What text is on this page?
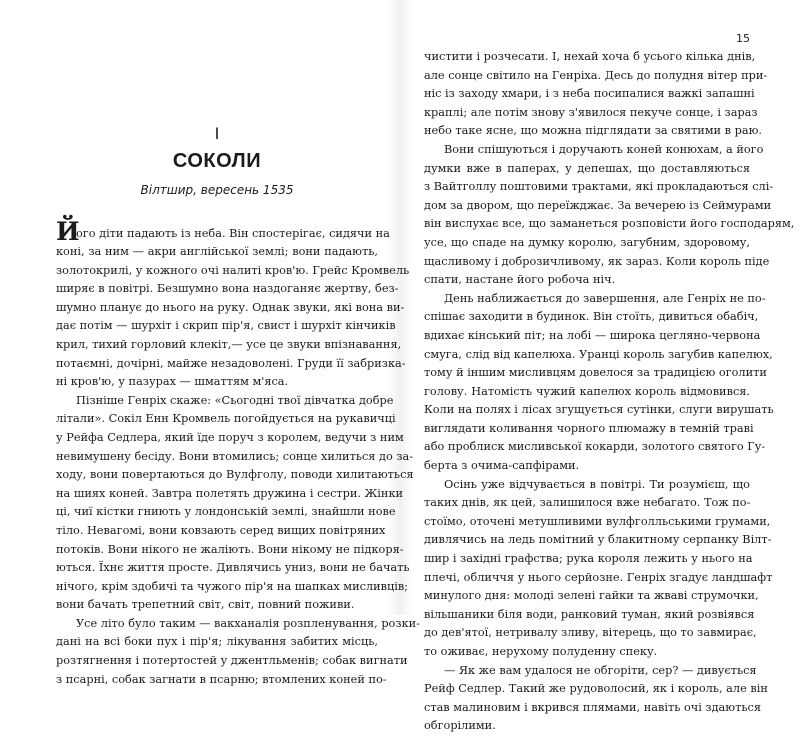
I
СОКОЛИ
Вілтшир, вересень 1535
Й
ого діти падають із неба. Він спостерігає, сидячи на
коні, за ним — акри англійської землі; вони падають,
золотокрилі, у кожного очі налиті кров'ю. Грейс Кромвель
ширяє в повітрі. Безшумно вона наздоганяє жертву, без-
шумно планує до нього на руку. Однак звуки, які вона ви-
дає потім — шурхіт і скрип пір'я, свист і шурхіт кінчиків
крил, тихий горловий клекіт,— усе це звуки впізнавання,
потаємні, дочірні, майже незадоволені. Груди її забризка-
ні кров'ю, у пазурах — шматтям м'яса.
Пізніше Генріх скаже: «Сьогодні твої дівчатка добре
літали». Сокіл Енн Кромвель погойдується на рукавичці
у Рейфа Седлера, який їде поруч з королем, ведучи з ним
невимушену бесіду. Вони втомились; сонце хилиться до за-
ходу, вони повертаються до Вулфголу, поводи хилитаються
на шиях коней. Завтра полетять дружина і сестри. Жінки
ці, чиї кістки гниють у лондонській землі, знайшли нове
тіло. Невагомі, вони ковзають серед вищих повітряних
потоків. Вони нікого не жаліють. Вони нікому не підкоря-
ються. Їхнє життя просте. Дивлячись униз, вони не бачать
нічого, крім здобичі та чужого пір'я на шапках мисливців;
вони бачать трепетний світ, світ, повний поживи.
Усе літо було таким — вакханалія розпленування, розки-
дані на всі боки пух і пір'я; лікування забитих місць,
розтягнення і потертостей у джентльменів; собак вигнати
з псарні, собак загнати в псарню; втомлених коней по-
15
чистити і розчесати. І, нехай хоча б усього кілька днів,
але сонце світило на Генріха. Десь до полудня вітер при-
ніс із заходу хмари, і з неба посипалися важкі запашні
краплі; але потім знову з'явилося пекуче сонце, і зараз
небо таке ясне, що можна підглядати за святими в раю.
Вони спішуються і доручають коней конюхам, а його
думки вже в паперах, у депешах, що доставляються
з Вайтголлу поштовими трактами, які прокладаються слі-
дом за двором, що переїжджає. За вечерею із Сеймурами
він вислухає все, що заманеться розповісти його господарям,
усе, що спаде на думку королю, загубним, здоровому,
щасливому і доброзичливому, як зараз. Коли король піде
спати, настане його робоча ніч.
День наближається до завершення, але Генріх не по-
спішає заходити в будинок. Він стоїть, дивиться обабіч,
вдихає кінський піт; на лобі — широка цеглянo-червона
смуга, слід від капелюха. Уранці король загубив капелюх,
тому й іншим мисливцям довелося за традицією оголити
голову. Натомість чужий капелюх король відмовився.
Коли на полях і лісах згущується сутінки, слуги вирушать
виглядати коливання чорного плюмажу в темній траві
або проблиск мисливської кокарди, золотого святого Гу-
берта з очима-сапфірами.
Осінь уже відчувається в повітрі. Ти розумієш, що
таких днів, як цей, залишилося вже небагато. Тож по-
стоїмо, оточені метушливими вулфголльськими грумами,
дивлячись на ледь помітний у блакитному серпанку Вілт-
шир і західні графства; рука короля лежить у нього на
плечі, обличчя у нього серйозне. Генріх згадує ландшафт
минулого дня: молоді зелені гайки та жваві струмочки,
вільшаники біля води, ранковий туман, який розвіявся
до дев'ятої, нетривалу зливу, вітерець, що то завмирає,
то оживає, нерухому полуденну спеку.
— Як же вам удалося не обгоріти, сер? — дивується
Рейф Седлер. Такий же рудоволосий, як і король, але він
став малиновим і вкрився плямами, навіть очі здаються
обгорілими.
